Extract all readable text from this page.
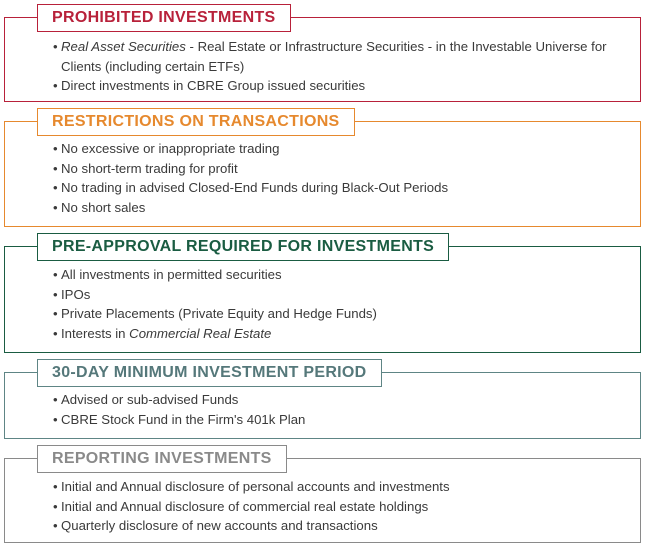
PROHIBITED INVESTMENTS
• Real Asset Securities - Real Estate or Infrastructure Securities - in the Investable Universe for Clients (including certain ETFs)
• Direct investments in CBRE Group issued securities
RESTRICTIONS ON TRANSACTIONS
• No excessive or inappropriate trading
• No short-term trading for profit
• No trading in advised Closed-End Funds during Black-Out Periods
• No short sales
PRE-APPROVAL REQUIRED FOR INVESTMENTS
• All investments in permitted securities
• IPOs
• Private Placements (Private Equity and Hedge Funds)
• Interests in Commercial Real Estate
30-DAY MINIMUM INVESTMENT PERIOD
• Advised or sub-advised Funds
• CBRE Stock Fund in the Firm's 401k Plan
REPORTING INVESTMENTS
• Initial and Annual disclosure of personal accounts and investments
• Initial and Annual disclosure of commercial real estate holdings
• Quarterly disclosure of new accounts and transactions
